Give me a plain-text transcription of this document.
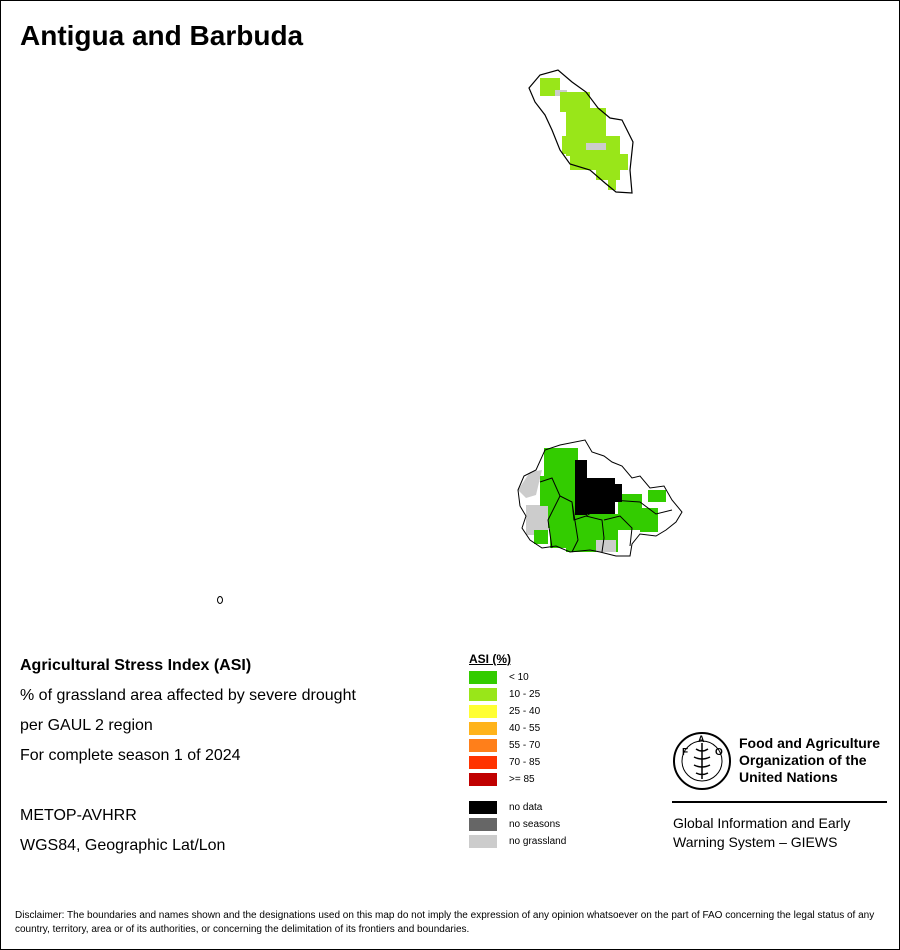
Antigua and Barbuda
Agricultural Stress Index (ASI)
% of grassland area affected by severe drought
per GAUL 2 region
For complete season 1 of 2024
METOP-AVHRR
WGS84, Geographic Lat/Lon
ASI (%)
< 10
10 - 25
25 - 40
40 - 55
55 - 70
70 - 85
>= 85
no data
no seasons
no grassland
F
A
O
Food and Agriculture
Organization of the
United Nations
Global Information and Early
Warning System – GIEWS
Disclaimer: The boundaries and names shown and the designations used on this map do not imply the expression of any opinion whatsoever on the part of FAO concerning the legal status of any country, territory, area or of its authorities, or concerning the delimitation of its frontiers and boundaries.
